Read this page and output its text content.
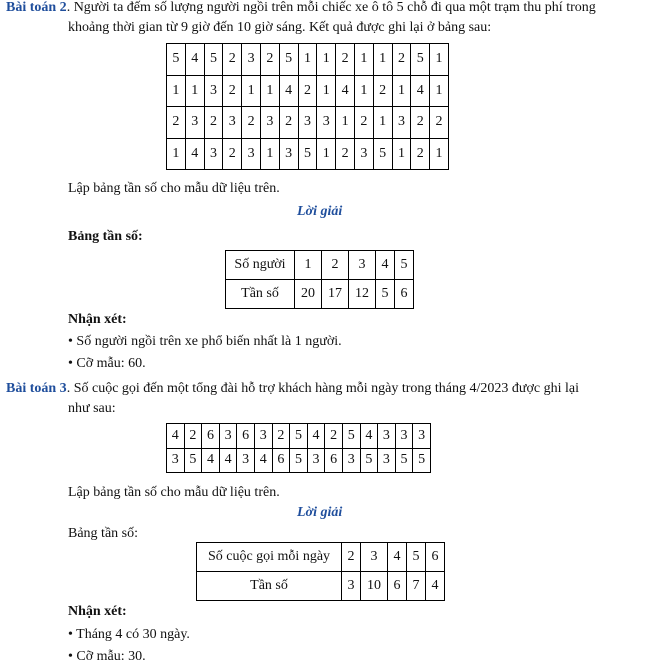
Bài toán 2. Người ta đếm số lượng người ngồi trên mỗi chiếc xe ô tô 5 chỗ đi qua một trạm thu phí trong
khoảng thời gian từ 9 giờ đến 10 giờ sáng. Kết quả được ghi lại ở bảng sau:
5	4	5	2	3	2	5	1	1	2	1	1	2	5	1
1	1	3	2	1	1	4	2	1	4	1	2	1	4	1
2	3	2	3	2	3	2	3	3	1	2	1	3	2	2
1	4	3	2	3	1	3	5	1	2	3	5	1	2	1
Lập bảng tần số cho mẫu dữ liệu trên.
Lời giải
Bảng tần số:
Số người	1	2	3	4	5
Tần số	20	17	12	5	6
Nhận xét:
• Số người ngồi trên xe phổ biến nhất là 1 người.
• Cỡ mẫu: 60.
Bài toán 3. Số cuộc gọi đến một tổng đài hỗ trợ khách hàng mỗi ngày trong tháng 4/2023 được ghi lại
như sau:
4	2	6	3	6	3	2	5	4	2	5	4	3	3	3
3	5	4	4	3	4	6	5	3	6	3	5	3	5	5
Lập bảng tần số cho mẫu dữ liệu trên.
Lời giải
Bảng tần số:
Số cuộc gọi mỗi ngày	2	3	4	5	6
Tần số	3	10	6	7	4
Nhận xét:
• Tháng 4 có 30 ngày.
• Cỡ mẫu: 30.
